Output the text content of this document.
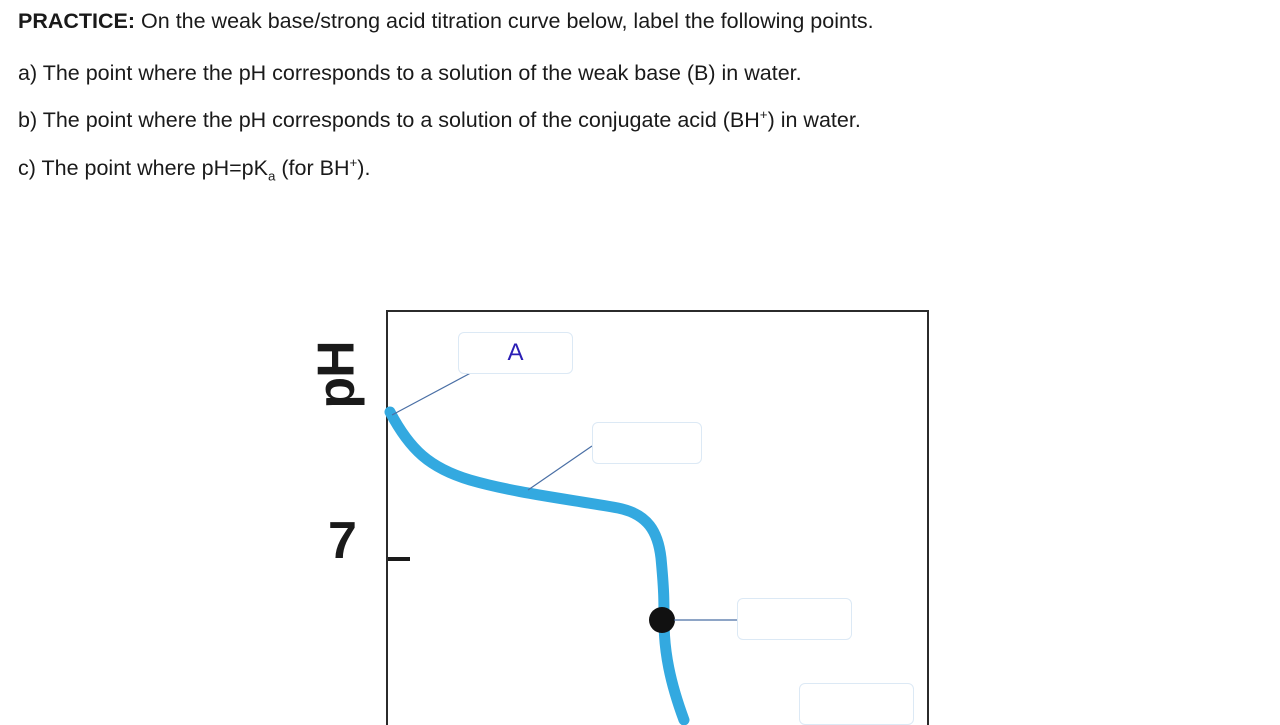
PRACTICE: On the weak base/strong acid titration curve below, label the following points.

a) The point where the pH corresponds to a solution of the weak base (B) in water.

b) The point where the pH corresponds to a solution of the conjugate acid (BH+) in water.

c) The point where $pH=pK_a$ (for BH+).

pH
7
A
